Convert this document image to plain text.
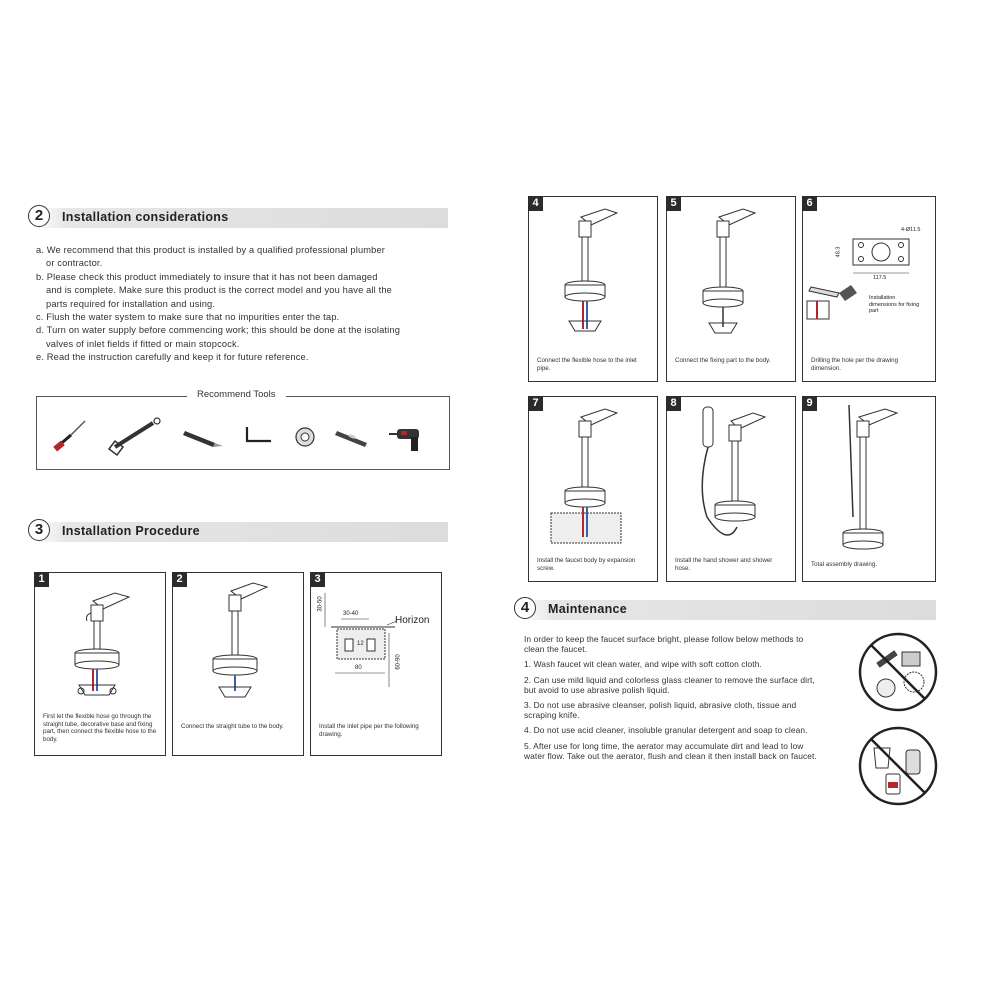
2	Installation considerations
a. We recommend that this product is installed by a qualified professional plumber
or contractor.
b. Please check this product immediately to insure that it has not been damaged
and is complete. Make sure this product is the correct model and you have all the
parts required for installation and using.
c. Flush the water system to make sure that no impurities enter the tap.
d. Turn on water supply before commencing work; this should be done at the isolating
valves of inlet fields if fitted or main stopcock.
e. Read the instruction carefully and keep it for future reference.
Recommend Tools
3	Installation Procedure
1
First let the flexible hose go through the straight tube, decorative base and fixing part, then connect the flexible hose to the body.
2
Connect the straight tube to the body.
3
Horizon
30-40
30-50
12
80	60-90
Install the inlet pipe per the following drawing.
4
Connect the flexible hose to the inlet pipe.
5
Connect the fixing part to the body.
6
4-Ø11.5
48.3
117.5
Installation dimensions for fixing part
Drilling the hole per the drawing dimension.
7
Install the faucet body by expansion screw.
8
Install the hand shower and shower hose.
9
Total assembly drawing.
4	Maintenance

In order to keep the faucet surface bright, please follow below methods to clean the faucet.

1. Wash faucet wit clean water, and wipe with soft cotton cloth.

2. Can use mild liquid and colorless glass cleaner to remove the surface dirt, but avoid to use abrasive polish liquid.

3. Do not use abrasive cleanser, polish liquid, abrasive cloth, tissue and scraping knife.

4. Do not use acid cleaner, insoluble granular detergent and soap to clean.

5. After use for long time, the aerator may accumulate dirt and lead to low water flow. Take out the aerator, flush and clean it then install back on faucet.
